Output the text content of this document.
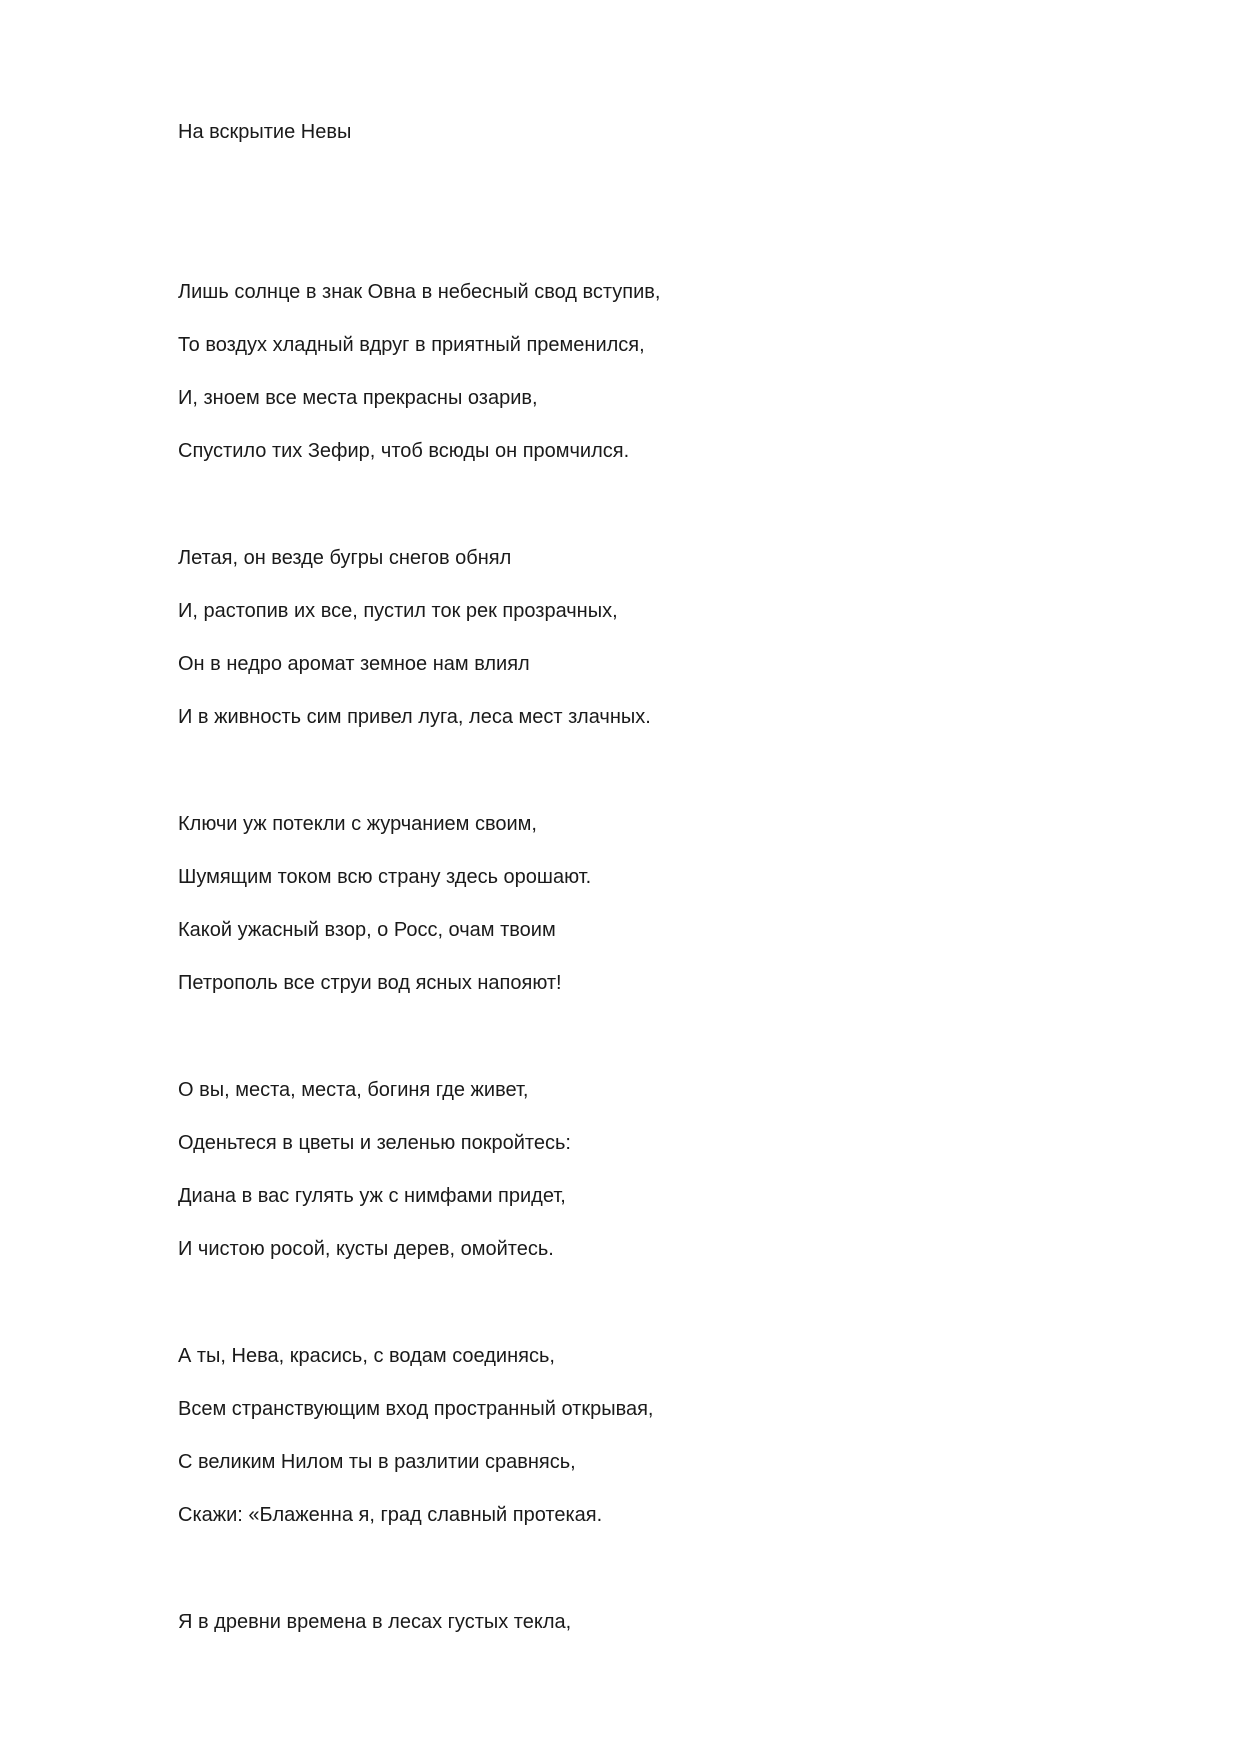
На вскрытие Невы
Лишь солнце в знак Овна в небесный свод вступив,
То воздух хладный вдруг в приятный пременился,
И, зноем все места прекрасны озарив,
Спустило тих Зефир, чтоб всюды он промчился.
Летая, он везде бугры снегов обнял
И, растопив их все, пустил ток рек прозрачных,
Он в недро аромат земное нам влиял
И в живность сим привел луга, леса мест злачных.
Ключи уж потекли с журчанием своим,
Шумящим током всю страну здесь орошают.
Какой ужасный взор, о Росс, очам твоим
Петрополь все струи вод ясных напояют!
О вы, места, места, богиня где живет,
Оденьтеся в цветы и зеленью покройтесь:
Диана в вас гулять уж с нимфами придет,
И чистою росой, кусты дерев, омойтесь.
А ты, Нева, красись, с водам соединясь,
Всем странствующим вход пространный открывая,
С великим Нилом ты в разлитии сравнясь,
Скажи: «Блаженна я, град славный протекая.
Я в древни времена в лесах густых текла,
